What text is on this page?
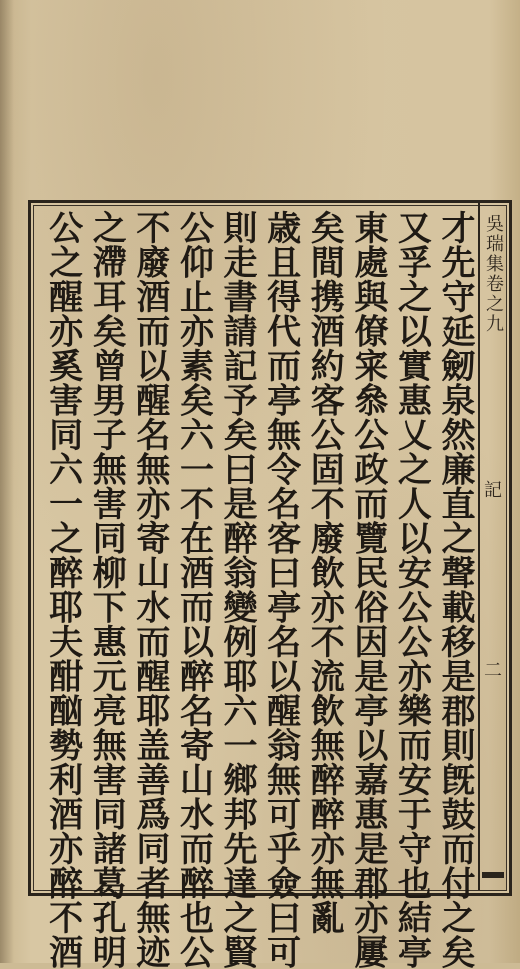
吳瑞集卷之九
記
二
才先守延劒泉然廉直之聲載移是郡則旣鼓而付之矣
又孚之以實惠乂之人以安公公亦樂而安于守也結亭
東處與僚宷叅公政而覽民俗因是亭以嘉惠是郡亦屢
矣間携酒約客公固不廢飲亦不流飲無醉醉亦無亂
歳且得代而亭無令名客曰亭名以醒翁無可乎僉曰可
則走書請記予矣曰是醉翁變例耶六一鄉邦先達之賢
公仰止亦素矣六一不在酒而以醉名寄山水而醉也公
不廢酒而以醒名無亦寄山水而醒耶盖善爲同者無迹
之滯耳矣曾男子無害同柳下惠元亮無害同諸葛孔明
公之醒亦奚害同六一之醉耶夫酣酗勢利酒亦醉不酒
